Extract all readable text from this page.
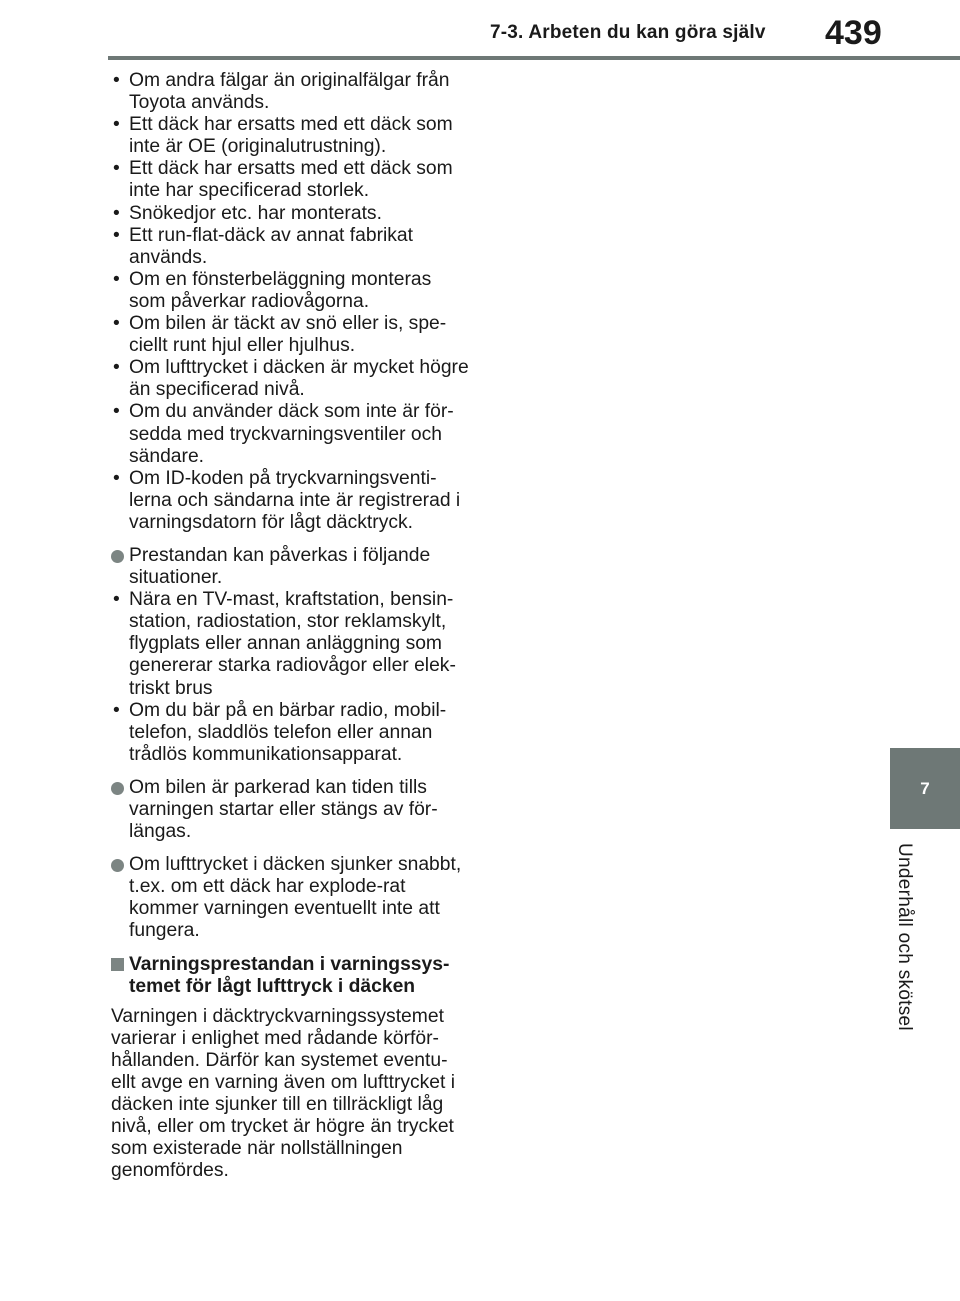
7-3. Arbeten du kan göra själv 439
7
Underhåll och skötsel
• Om andra fälgar än originalfälgar från Toyota används.
• Ett däck har ersatts med ett däck som inte är OE (originalutrustning).
• Ett däck har ersatts med ett däck som inte har specificerad storlek.
• Snökedjor etc. har monterats.
• Ett run-flat-däck av annat fabrikat används.
• Om en fönsterbeläggning monteras som påverkar radiovågorna.
• Om bilen är täckt av snö eller is, spe-ciellt runt hjul eller hjulhus.
• Om lufttrycket i däcken är mycket högre än specificerad nivå.
• Om du använder däck som inte är för-sedda med tryckvarningsventiler och sändare.
• Om ID-koden på tryckvarningsventi-lerna och sändarna inte är registrerad i varningsdatorn för lågt däcktryck.
Prestandan kan påverkas i följande situationer.
• Nära en TV-mast, kraftstation, bensin-station, radiostation, stor reklamskylt, flygplats eller annan anläggning som genererar starka radiovågor eller elek-triskt brus
• Om du bär på en bärbar radio, mobil-telefon, sladdlös telefon eller annan trådlös kommunikationsapparat.
Om bilen är parkerad kan tiden tills varningen startar eller stängs av för-längas.
Om lufttrycket i däcken sjunker snabbt, t.ex. om ett däck har explode-rat kommer varningen eventuellt inte att fungera.
Varningsprestandan i varningssys-temet för lågt lufttryck i däcken
Varningen i däcktryckvarningssystemet varierar i enlighet med rådande körför-hållanden. Därför kan systemet eventu-ellt avge en varning även om lufttrycket i däcken inte sjunker till en tillräckligt låg nivå, eller om trycket är högre än trycket som existerade när nollställningen genomfördes.
